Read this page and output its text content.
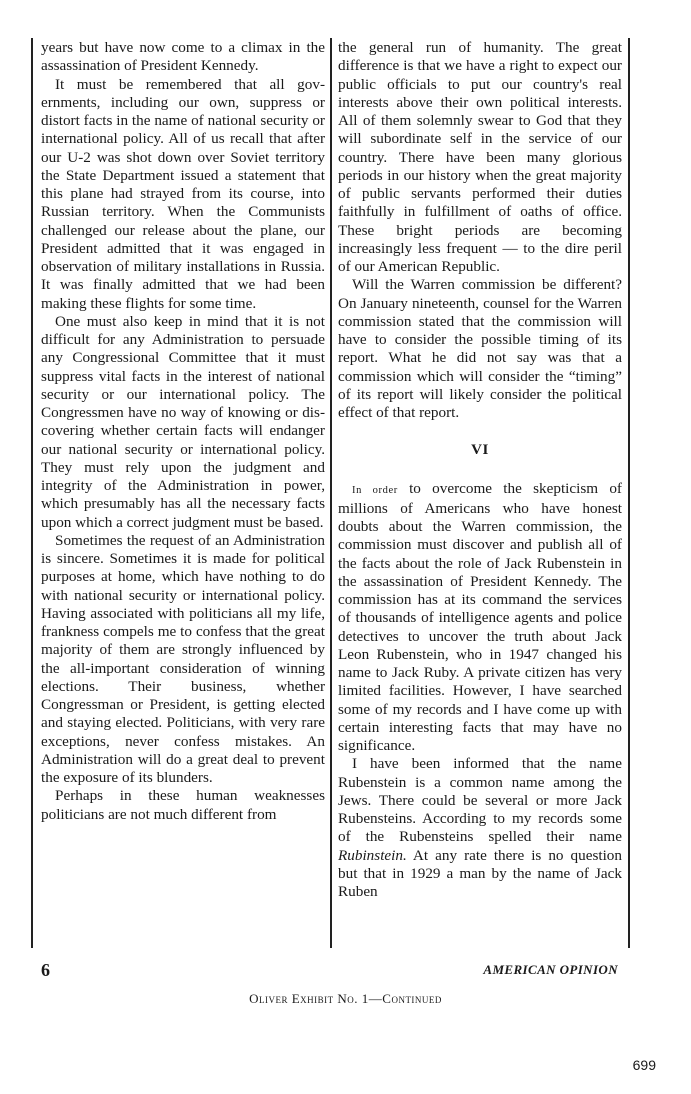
years but have now come to a climax in the assassination of President Kennedy.

It must be remembered that all governments, including our own, suppress or distort facts in the name of national security or international policy. All of us recall that after our U-2 was shot down over Soviet territory the State Department issued a statement that this plane had strayed from its course, into Russian territory. When the Communists challenged our release about the plane, our President admitted that it was engaged in observation of military installations in Russia. It was finally admitted that we had been making these flights for some time.

One must also keep in mind that it is not difficult for any Administration to persuade any Congressional Committee that it must suppress vital facts in the interest of national security or our international policy. The Congressmen have no way of knowing or discovering whether certain facts will endanger our national security or international policy. They must rely upon the judgment and integrity of the Administration in power, which presumably has all the necessary facts upon which a correct judgment must be based.

Sometimes the request of an Administration is sincere. Sometimes it is made for political purposes at home, which have nothing to do with national security or international policy. Having associated with politicians all my life, frankness compels me to confess that the great majority of them are strongly influenced by the all-important consideration of winning elections. Their business, whether Congressman or President, is getting elected and staying elected. Politicians, with very rare exceptions, never confess mistakes. An Administration will do a great deal to prevent the exposure of its blunders.

Perhaps in these human weaknesses politicians are not much different from

the general run of humanity. The great difference is that we have a right to expect our public officials to put our country's real interests above their own political interests. All of them solemnly swear to God that they will subordinate self in the service of our country. There have been many glorious periods in our history when the great majority of public servants performed their duties faithfully in fulfillment of oaths of office. These bright periods are becoming increasingly less frequent — to the dire peril of our American Republic.

Will the Warren commission be different? On January nineteenth, counsel for the Warren commission stated that the commission will have to consider the possible timing of its report. What he did not say was that a commission which will consider the “timing” of its report will likely consider the political effect of that report.

VI

In order to overcome the skepticism of millions of Americans who have honest doubts about the Warren commission, the commission must discover and publish all of the facts about the role of Jack Rubenstein in the assassination of President Kennedy. The commission has at its command the services of thousands of intelligence agents and police detectives to uncover the truth about Jack Leon Rubenstein, who in 1947 changed his name to Jack Ruby. A private citizen has very limited facilities. However, I have searched some of my records and I have come up with certain interesting facts that may have no significance.

I have been informed that the name Rubenstein is a common name among the Jews. There could be several or more Jack Rubensteins. According to my records some of the Rubensteins spelled their name Rubinstein. At any rate there is no question but that in 1929 a man by the name of Jack Ruben

6	AMERICAN OPINION
Oliver Exhibit No. 1—Continued
699
